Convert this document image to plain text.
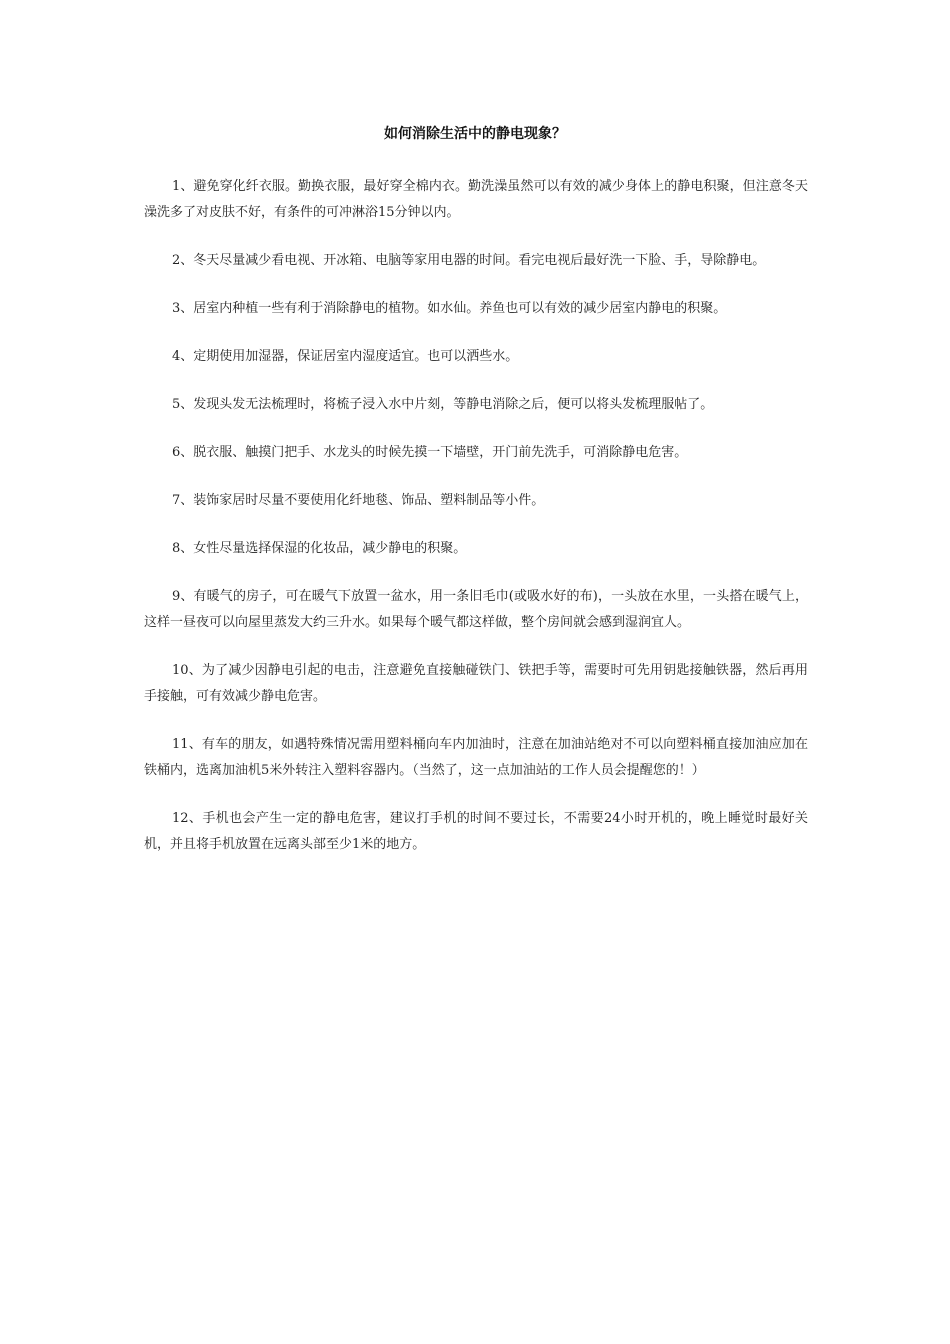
如何消除生活中的静电现象？

1、避免穿化纤衣服。勤换衣服，最好穿全棉内衣。勤洗澡虽然可以有效的减少身体上的静电积聚，但注意冬天澡洗多了对皮肤不好，有条件的可冲淋浴15分钟以内。

2、冬天尽量减少看电视、开冰箱、电脑等家用电器的时间。看完电视后最好洗一下脸、手，导除静电。

3、居室内种植一些有利于消除静电的植物。如水仙。养鱼也可以有效的减少居室内静电的积聚。

4、定期使用加湿器，保证居室内湿度适宜。也可以洒些水。

5、发现头发无法梳理时，将梳子浸入水中片刻，等静电消除之后，便可以将头发梳理服帖了。

6、脱衣服、触摸门把手、水龙头的时候先摸一下墙壁，开门前先洗手，可消除静电危害。

7、装饰家居时尽量不要使用化纤地毯、饰品、塑料制品等小件。

8、女性尽量选择保湿的化妆品，减少静电的积聚。

9、有暖气的房子，可在暖气下放置一盆水，用一条旧毛巾(或吸水好的布)，一头放在水里，一头搭在暖气上，这样一昼夜可以向屋里蒸发大约三升水。如果每个暖气都这样做，整个房间就会感到湿润宜人。

10、为了减少因静电引起的电击，注意避免直接触碰铁门、铁把手等，需要时可先用钥匙接触铁器，然后再用手接触，可有效减少静电危害。

11、有车的朋友，如遇特殊情况需用塑料桶向车内加油时，注意在加油站绝对不可以向塑料桶直接加油应加在铁桶内，选离加油机5米外转注入塑料容器内。（当然了，这一点加油站的工作人员会提醒您的！）

12、手机也会产生一定的静电危害，建议打手机的时间不要过长，不需要24小时开机的，晚上睡觉时最好关机，并且将手机放置在远离头部至少1米的地方。
